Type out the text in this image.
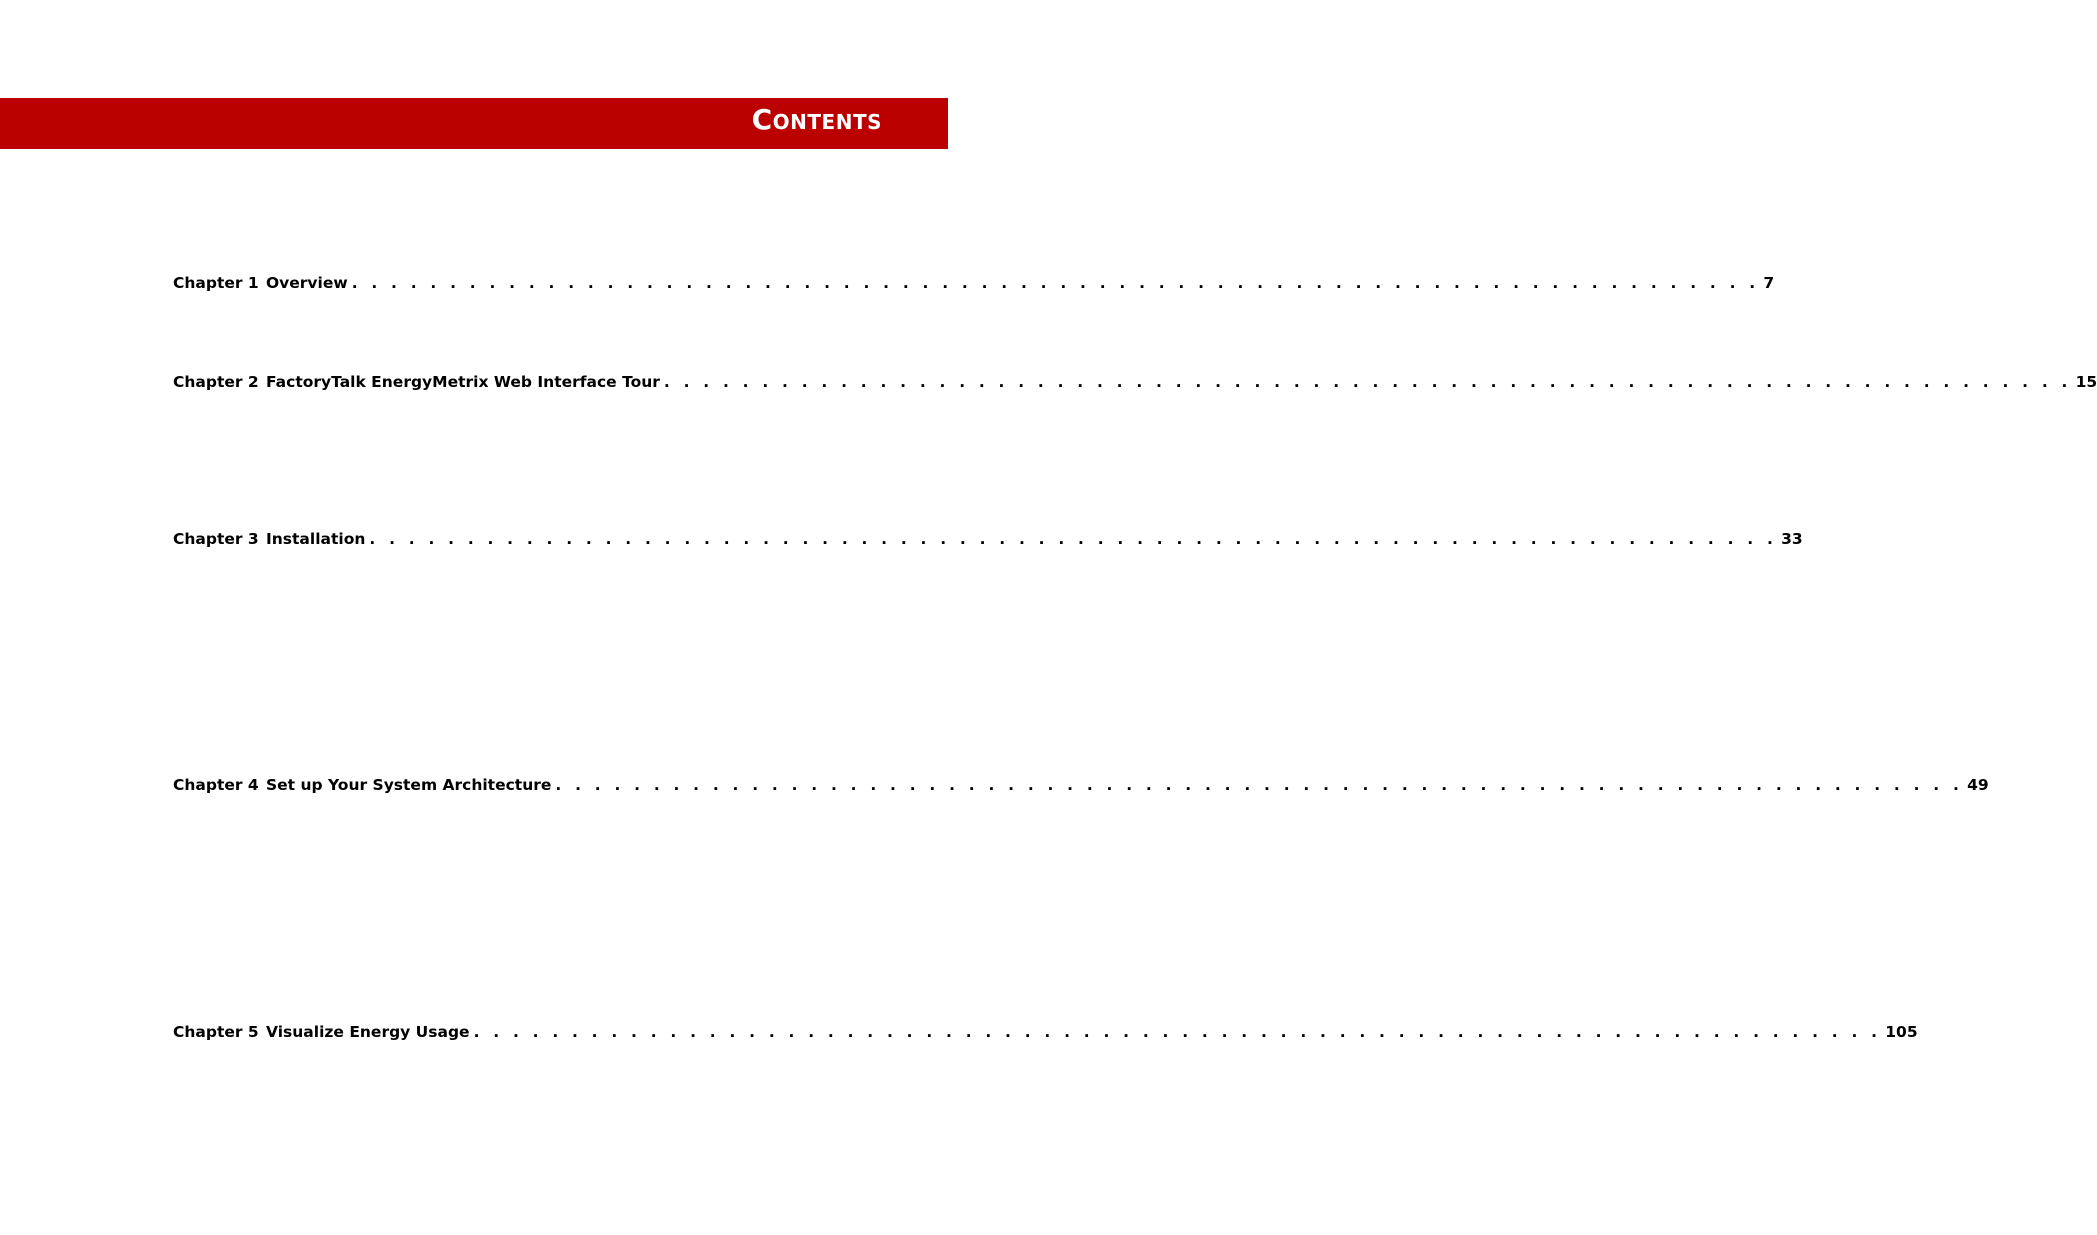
Contents
Chapter 1 Overview . . . . . . . . . . . . . . . . . . . . . . . . . . . . . . . . . . . . . . . . . . . . . . . . . . . . . . . . . . . . . . . . . . . . . . . . 7
Chapter 2 FactoryTalk EnergyMetrix Web Interface Tour . . . . . . . . . . . . . . . . . . . . . . . . . . . . . . . . . . . . . . . . . . . . . . . . . . . . . . . . . . . . . . . . . . . . . . . . 15
Chapter 3 Installation . . . . . . . . . . . . . . . . . . . . . . . . . . . . . . . . . . . . . . . . . . . . . . . . . . . . . . . . . . . . . . . . . . . . . . . . 33
Chapter 4 Set up Your System Architecture . . . . . . . . . . . . . . . . . . . . . . . . . . . . . . . . . . . . . . . . . . . . . . . . . . . . . . . . . . . . . . . . . . . . . . . . 49
Chapter 5 Visualize Energy Usage . . . . . . . . . . . . . . . . . . . . . . . . . . . . . . . . . . . . . . . . . . . . . . . . . . . . . . . . . . . . . . . . . . . . . . . . 105
